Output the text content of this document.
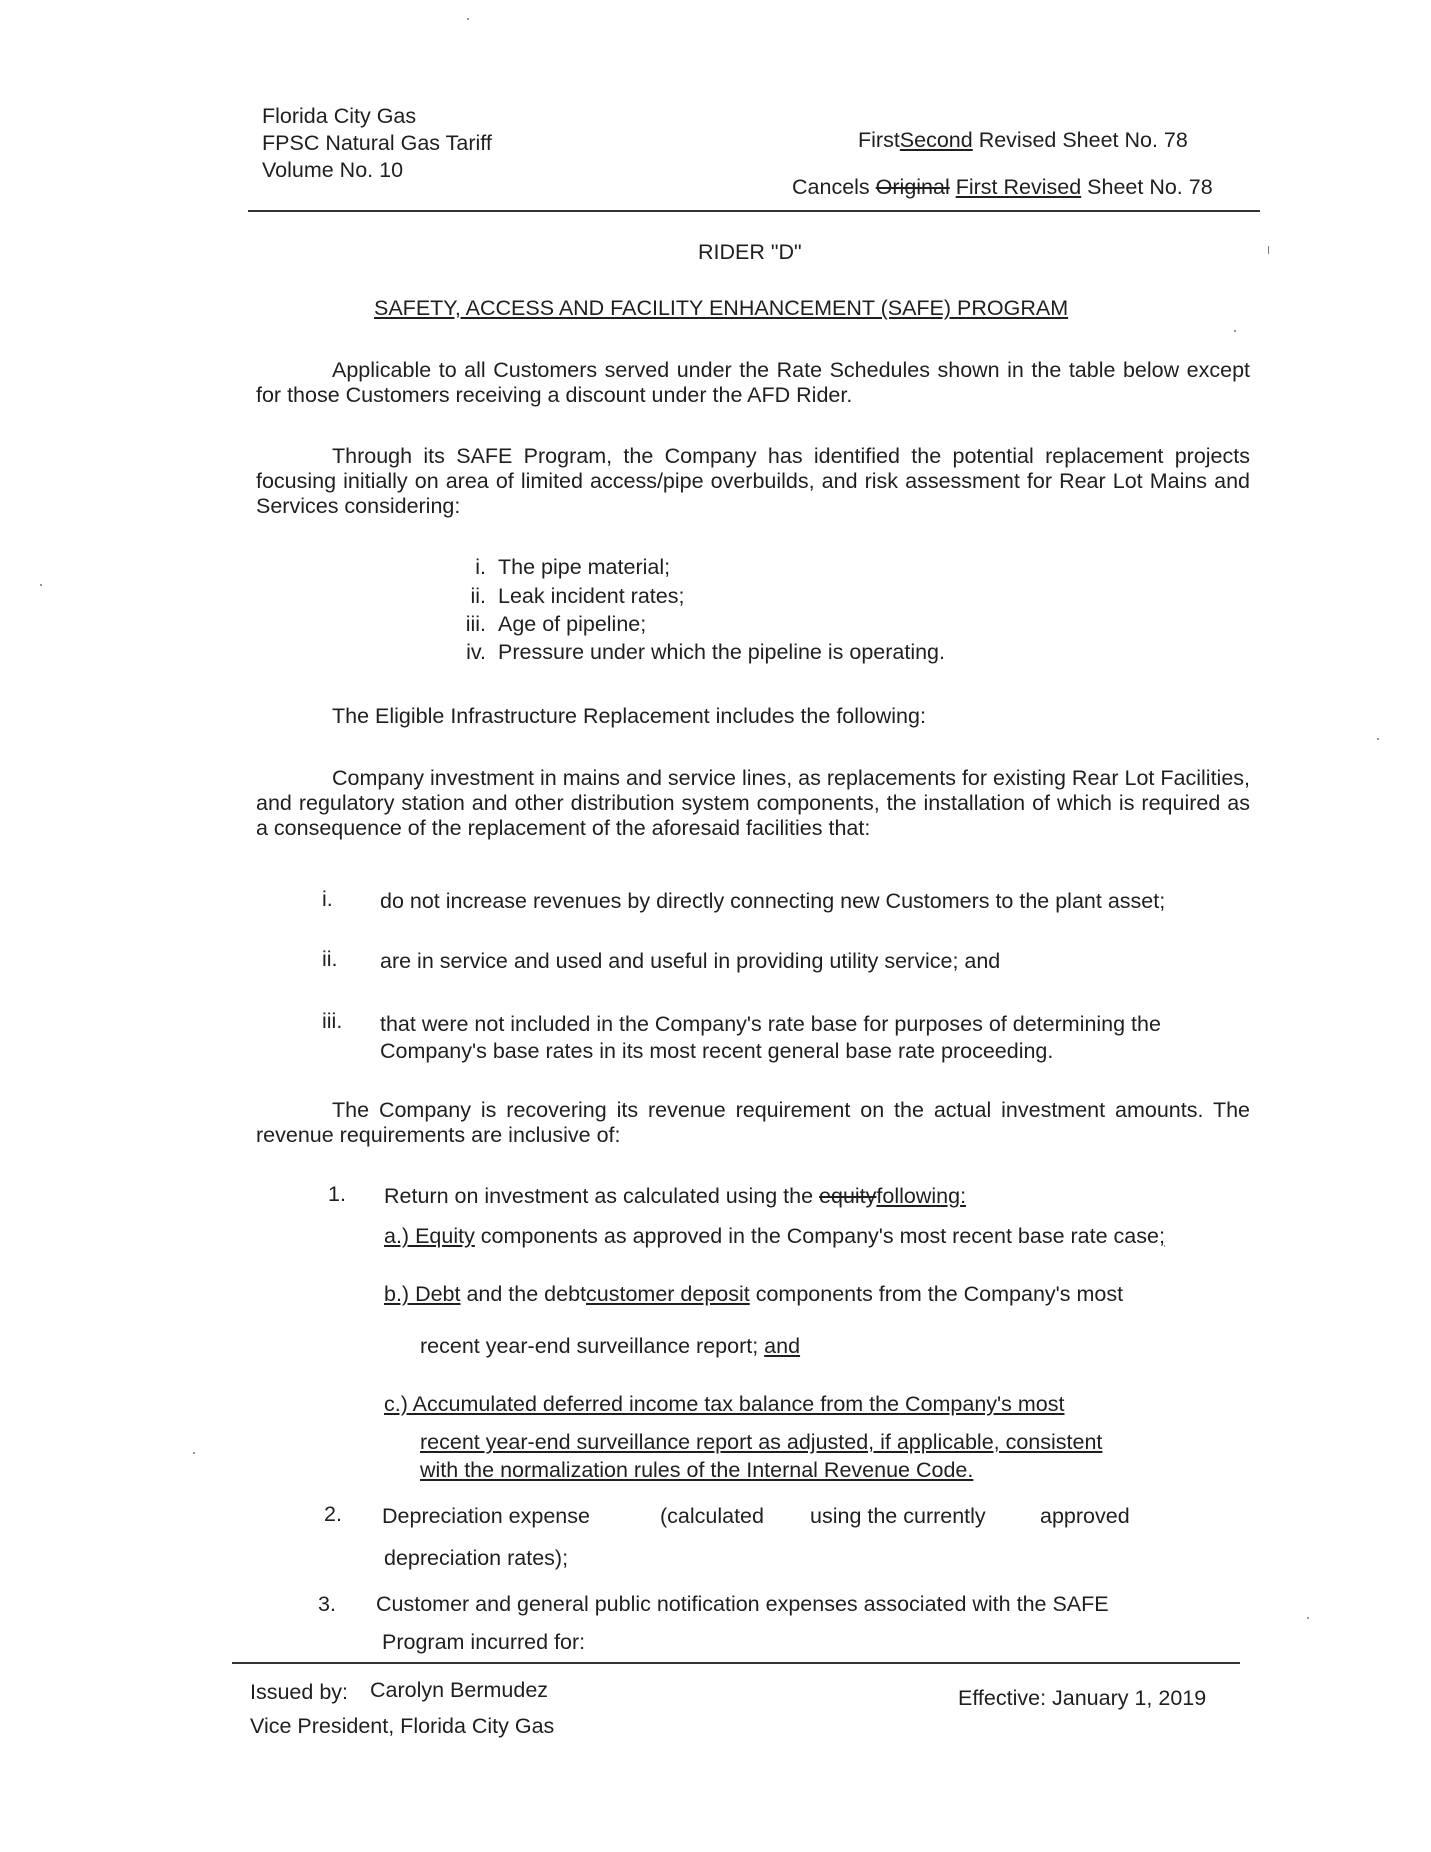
Florida City Gas
FPSC Natural Gas Tariff
Volume No. 10
FirstSecond Revised Sheet No. 78
Cancels Original First Revised Sheet No. 78
RIDER "D"
SAFETY, ACCESS AND FACILITY ENHANCEMENT (SAFE) PROGRAM
Applicable to all Customers served under the Rate Schedules shown in the table below except for those Customers receiving a discount under the AFD Rider.
Through its SAFE Program, the Company has identified the potential replacement projects focusing initially on area of limited access/pipe overbuilds, and risk assessment for Rear Lot Mains and Services considering:
i. The pipe material;
ii. Leak incident rates;
iii. Age of pipeline;
iv. Pressure under which the pipeline is operating.
The Eligible Infrastructure Replacement includes the following:
Company investment in mains and service lines, as replacements for existing Rear Lot Facilities, and regulatory station and other distribution system components, the installation of which is required as a consequence of the replacement of the aforesaid facilities that:
i. do not increase revenues by directly connecting new Customers to the plant asset;
ii. are in service and used and useful in providing utility service; and
iii. that were not included in the Company's rate base for purposes of determining the Company's base rates in its most recent general base rate proceeding.
The Company is recovering its revenue requirement on the actual investment amounts. The revenue requirements are inclusive of:
1. Return on investment as calculated using the equityfollowing:
a.) Equity components as approved in the Company's most recent base rate case;
b.) Debt and the debtcustomer deposit components from the Company's most
recent year-end surveillance report; and
c.) Accumulated deferred income tax balance from the Company's most
recent year-end surveillance report as adjusted, if applicable, consistent
with the normalization rules of the Internal Revenue Code.
2. Depreciation expense	(calculated using the currently	approved
depreciation rates);
3. Customer and general public notification expenses associated with the SAFE
Program incurred for:
Issued by: Carolyn Bermudez
Vice President, Florida City Gas
Effective: January 1, 2019
